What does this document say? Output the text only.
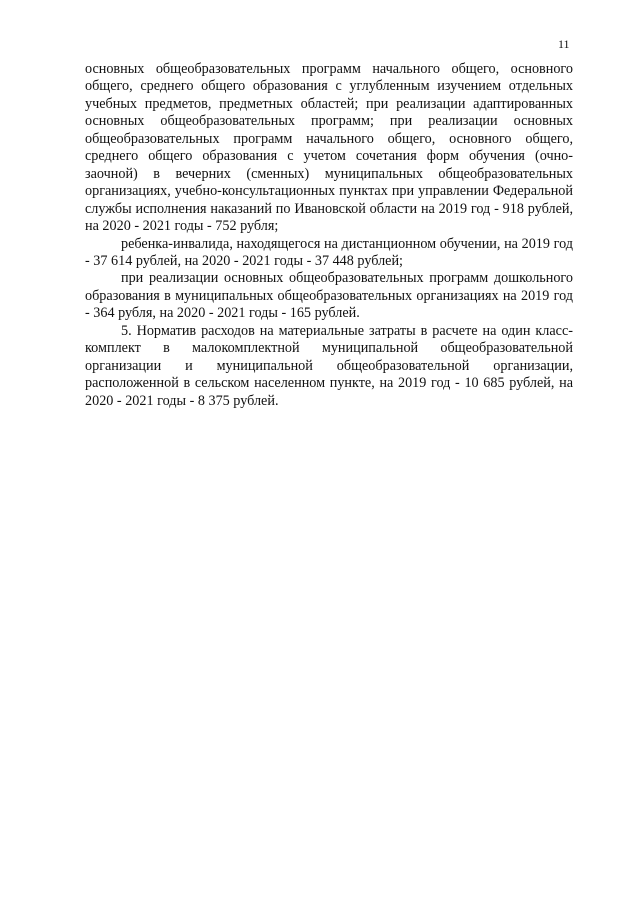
11

основных общеобразовательных программ начального общего, основного общего, среднего общего образования с углубленным изучением отдельных учебных предметов, предметных областей; при реализации адаптированных основных общеобразовательных программ; при реализации основных общеобразовательных программ начального общего, основного общего, среднего общего образования с учетом сочетания форм обучения (очно-заочной) в вечерних (сменных) муниципальных общеобразовательных организациях, учебно-консультационных пунктах при управлении Федеральной службы исполнения наказаний по Ивановской области на 2019 год - 918 рублей, на 2020 - 2021 годы - 752 рубля;

ребенка-инвалида, находящегося на дистанционном обучении, на 2019 год - 37 614 рублей, на 2020 - 2021 годы - 37 448 рублей;

при реализации основных общеобразовательных программ дошкольного образования в муниципальных общеобразовательных организациях на 2019 год - 364 рубля, на 2020 - 2021 годы - 165 рублей.

5. Норматив расходов на материальные затраты в расчете на один класс-комплект в малокомплектной муниципальной общеобразовательной организации и муниципальной общеобразовательной организации, расположенной в сельском населенном пункте, на 2019 год - 10 685 рублей, на 2020 - 2021 годы - 8 375 рублей.
